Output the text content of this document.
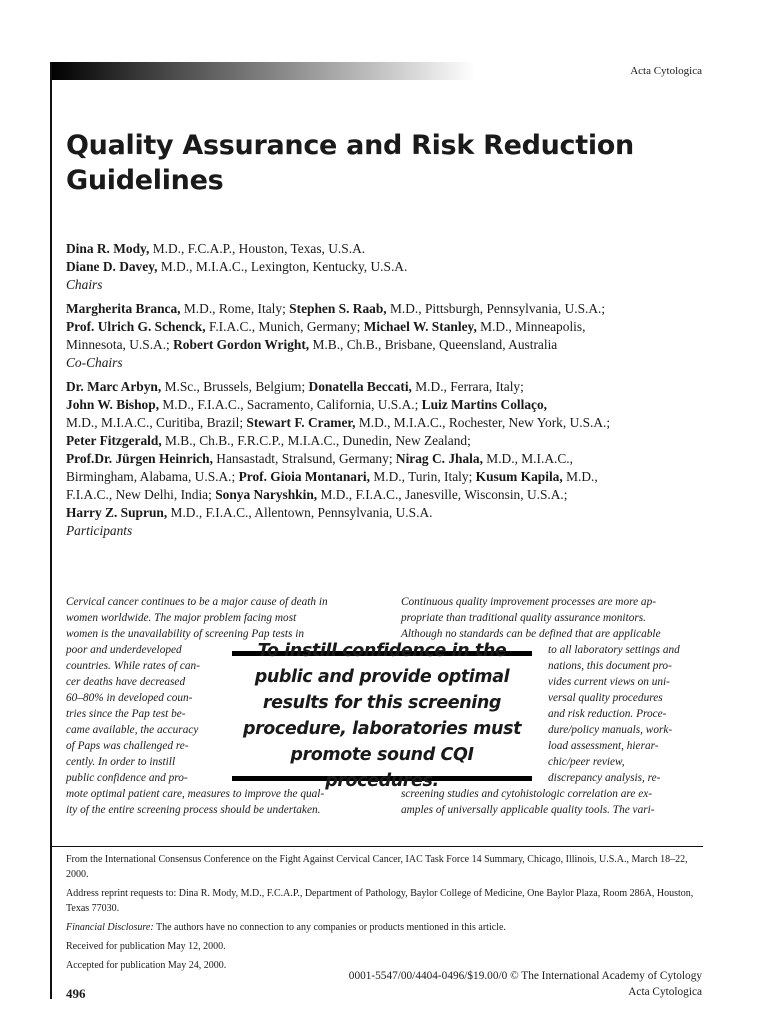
Acta Cytologica
Quality Assurance and Risk Reduction Guidelines
Dina R. Mody, M.D., F.C.A.P., Houston, Texas, U.S.A.
Diane D. Davey, M.D., M.I.A.C., Lexington, Kentucky, U.S.A.
Chairs
Margherita Branca, M.D., Rome, Italy; Stephen S. Raab, M.D., Pittsburgh, Pennsylvania, U.S.A.;
Prof. Ulrich G. Schenck, F.I.A.C., Munich, Germany; Michael W. Stanley, M.D., Minneapolis,
Minnesota, U.S.A.; Robert Gordon Wright, M.B., Ch.B., Brisbane, Queensland, Australia
Co-Chairs
Dr. Marc Arbyn, M.Sc., Brussels, Belgium; Donatella Beccati, M.D., Ferrara, Italy;
John W. Bishop, M.D., F.I.A.C., Sacramento, California, U.S.A.; Luiz Martins Collaço,
M.D., M.I.A.C., Curitiba, Brazil; Stewart F. Cramer, M.D., M.I.A.C., Rochester, New York, U.S.A.;
Peter Fitzgerald, M.B., Ch.B., F.R.C.P., M.I.A.C., Dunedin, New Zealand;
Prof.Dr. Jürgen Heinrich, Hansastadt, Stralsund, Germany; Nirag C. Jhala, M.D., M.I.A.C.,
Birmingham, Alabama, U.S.A.; Prof. Gioia Montanari, M.D., Turin, Italy; Kusum Kapila, M.D.,
F.I.A.C., New Delhi, India; Sonya Naryshkin, M.D., F.I.A.C., Janesville, Wisconsin, U.S.A.;
Harry Z. Suprun, M.D., F.I.A.C., Allentown, Pennsylvania, U.S.A.
Participants

Cervical cancer continues to be a major cause of death in

women worldwide. The major problem facing most

women is the unavailability of screening Pap tests in

poor and underdeveloped

countries. While rates of can-

cer deaths have decreased

60–80% in developed coun-

tries since the Pap test be-

came available, the accuracy

of Paps was challenged re-

cently. In order to instill

public confidence and pro-

mote optimal patient care, measures to improve the qual-

ity of the entire screening process should be undertaken.

Continuous quality improvement processes are more ap-

propriate than traditional quality assurance monitors.

Although no standards can be defined that are applicable

to all laboratory settings and

nations, this document pro-

vides current views on uni-

versal quality procedures

and risk reduction. Proce-

dure/policy manuals, work-

load assessment, hierar-

chic/peer review,

discrepancy analysis, re-

screening studies and cytohistologic correlation are ex-

amples of universally applicable quality tools. The vari-

To instill confidence in the public and provide optimal results for this screening procedure, laboratories must promote sound CQI procedures.
From the International Consensus Conference on the Fight Against Cervical Cancer, IAC Task Force 14 Summary, Chicago, Illinois, U.S.A., March 18–22, 2000.
Address reprint requests to: Dina R. Mody, M.D., F.C.A.P., Department of Pathology, Baylor College of Medicine, One Baylor Plaza, Room 286A, Houston, Texas 77030.
Financial Disclosure: The authors have no connection to any companies or products mentioned in this article.
Received for publication May 12, 2000.
Accepted for publication May 24, 2000.
0001-5547/00/4404-0496/$19.00/0 © The International Academy of Cytology
496	Acta Cytologica
